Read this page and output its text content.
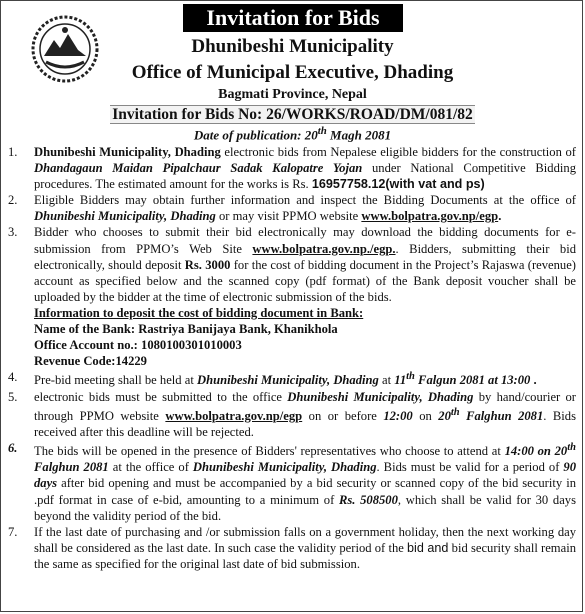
Invitation for Bids
Dhunibeshi Municipality
Office of Municipal Executive, Dhading
Bagmati Province, Nepal
Invitation for Bids No: 26/WORKS/ROAD/DM/081/82
Date of publication: 20th Magh 2081
1. Dhunibeshi Municipality, Dhading electronic bids from Nepalese eligible bidders for the construction of Dhandagaun Maidan Pipalchaur Sadak Kalopatre Yojan under National Competitive Bidding procedures. The estimated amount for the works is Rs. 16957758.12(with vat and ps)
2. Eligible Bidders may obtain further information and inspect the Bidding Documents at the office of Dhunibeshi Municipality, Dhading or may visit PPMO website www.bolpatra.gov.np/egp.
3. Bidder who chooses to submit their bid electronically may download the bidding documents for e-submission from PPMO’s Web Site www.bolpatra.gov.np./egp.. Bidders, submitting their bid electronically, should deposit Rs. 3000 for the cost of bidding document in the Project’s Rajaswa (revenue) account as specified below and the scanned copy (pdf format) of the Bank deposit voucher shall be uploaded by the bidder at the time of electronic submission of the bids.
Information to deposit the cost of bidding document in Bank:
Name of the Bank: Rastriya Banijaya Bank, Khanikhola
Office Account no.: 1080100301010003
Revenue Code:14229
4. Pre-bid meeting shall be held at Dhunibeshi Municipality, Dhading at 11th Falgun 2081 at 13:00 .
5. electronic bids must be submitted to the office Dhunibeshi Municipality, Dhading by hand/courier or through PPMO website www.bolpatra.gov.np/egp on or before 12:00 on 20th Falghun 2081. Bids received after this deadline will be rejected.
6. The bids will be opened in the presence of Bidders' representatives who choose to attend at 14:00 on 20th Falghun 2081 at the office of Dhunibeshi Municipality, Dhading. Bids must be valid for a period of 90 days after bid opening and must be accompanied by a bid security or scanned copy of the bid security in .pdf format in case of e-bid, amounting to a minimum of Rs. 508500, which shall be valid for 30 days beyond the validity period of the bid.
7. If the last date of purchasing and /or submission falls on a government holiday, then the next working day shall be considered as the last date. In such case the validity period of the bid and bid security shall remain the same as specified for the original last date of bid submission.
